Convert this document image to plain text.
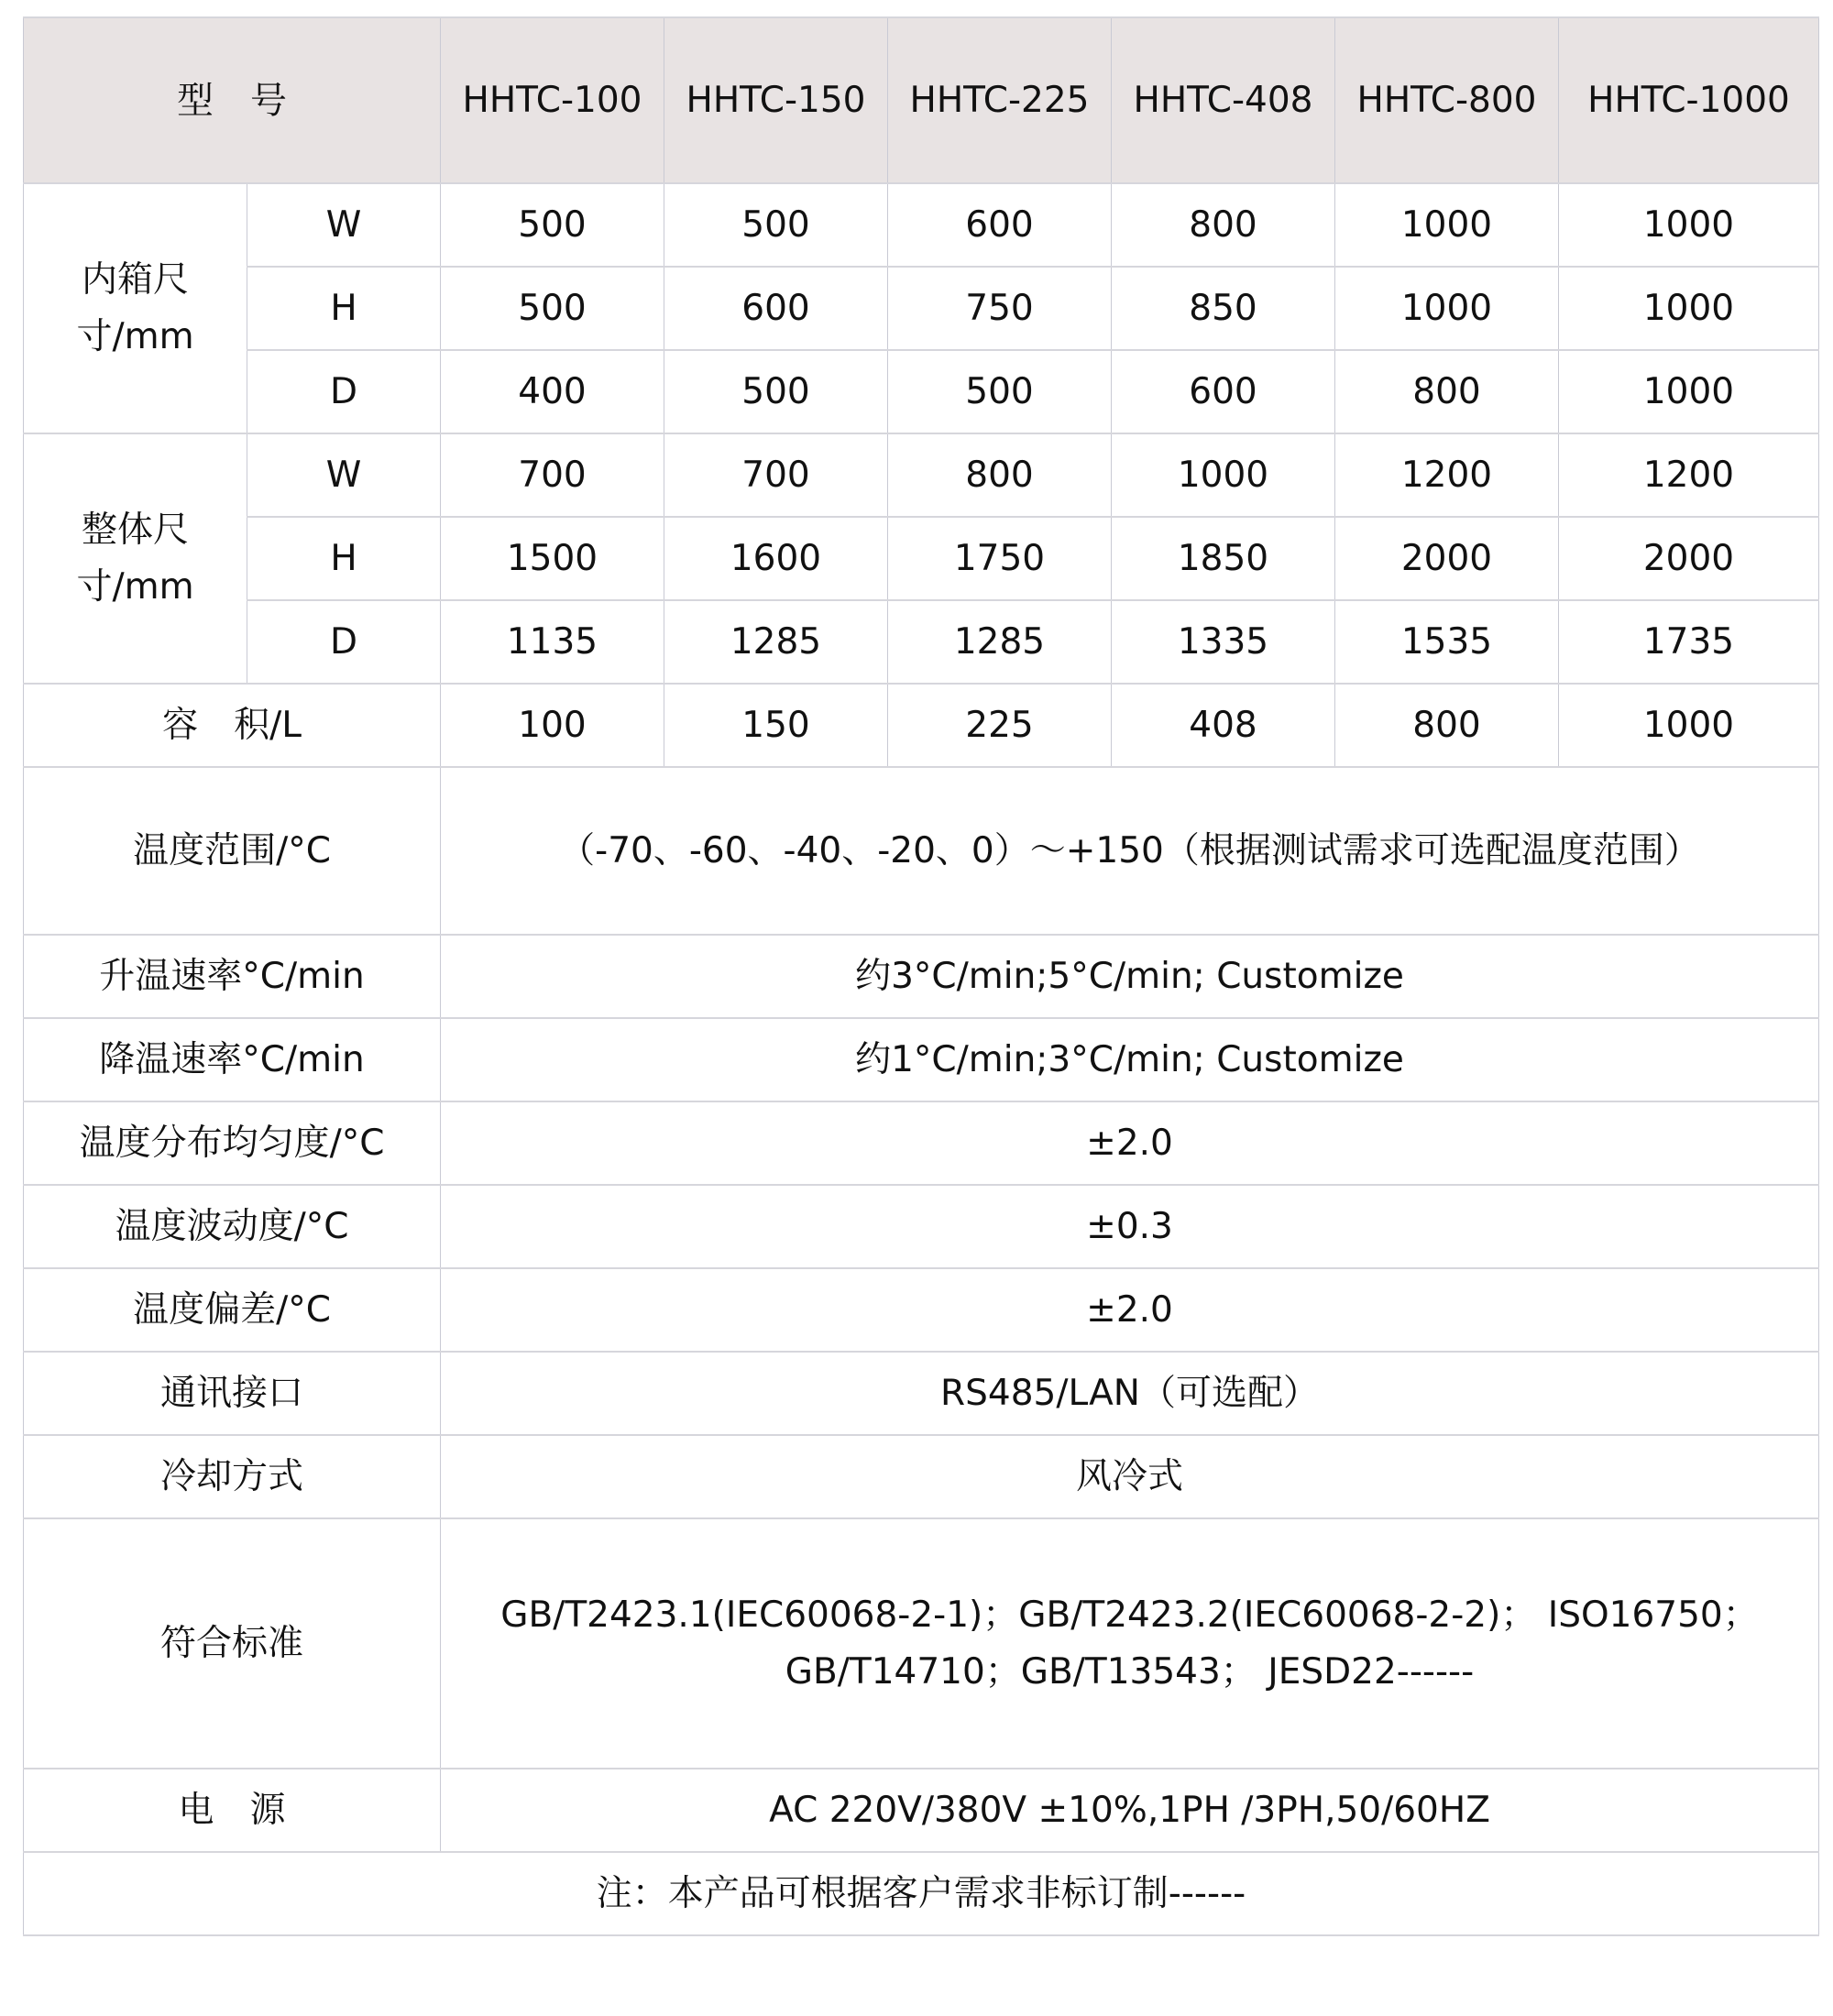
型　号		HHTC-100	HHTC-150	HHTC-225	HHTC-408	HHTC-800	HHTC-1000
内箱尺寸/mm	W	500	500	600	800	1000	1000
	H	500	600	750	850	1000	1000
	D	400	500	500	600	800	1000
整体尺寸/mm	W	700	700	800	1000	1200	1200
	H	1500	1600	1750	1850	2000	2000
	D	1135	1285	1285	1335	1535	1735
容　积/L		100	150	225	408	800	1000
温度范围/°C		（-70、-60、-40、-20、0）～+150（根据测试需求可选配温度范围）					
升温速率°C/min		约3°C/min;5°C/min; Customize					
降温速率°C/min		约1°C/min;3°C/min; Customize					
温度分布均匀度/°C		±2.0					
温度波动度/°C		±0.3					
温度偏差/°C		±2.0					
通讯接口		RS485/LAN（可选配）					
冷却方式		风冷式					
符合标准		GB/T2423.1(IEC60068-2-1)；GB/T2423.2(IEC60068-2-2)； ISO16750；GB/T14710；GB/T13543； JESD22------					
电　源		AC 220V/380V ±10%,1PH /3PH,50/60HZ					
注：本产品可根据客户需求非标订制------							
